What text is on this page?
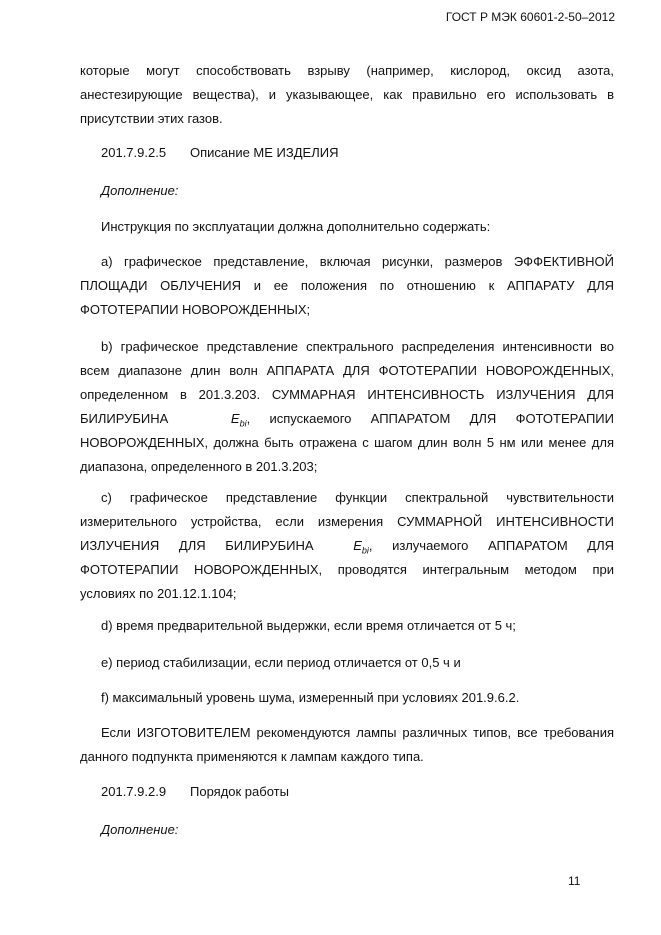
ГОСТ Р МЭК 60601-2-50–2012
которые могут способствовать взрыву (например, кислород, оксид азота,
анестезирующие вещества), и указывающее, как правильно его использовать в
присутствии этих газов.
201.7.9.2.5 Описание МЕ ИЗДЕЛИЯ
Дополнение:
Инструкция по эксплуатации должна дополнительно содержать:
а) графическое представление, включая рисунки, размеров ЭФФЕКТИВНОЙ
ПЛОЩАДИ ОБЛУЧЕНИЯ и ее положения по отношению к АППАРАТУ ДЛЯ
ФОТОТЕРАПИИ НОВОРОЖДЕННЫХ;
b) графическое представление спектрального распределения интенсивности во
всем диапазоне длин волн АППАРАТА ДЛЯ ФОТОТЕРАПИИ НОВОРОЖДЕННЫХ,
определенном в 201.3.203. СУММАРНАЯ ИНТЕНСИВНОСТЬ ИЗЛУЧЕНИЯ ДЛЯ
БИЛИРУБИНА	$E_{bi}$, испускаемого АППАРАТОМ ДЛЯ ФОТОТЕРАПИИ
НОВОРОЖДЕННЫХ, должна быть отражена с шагом длин волн 5 нм или менее для
диапазона, определенного в 201.3.203;
с) графическое представление функции спектральной чувствительности
измерительного устройства, если измерения СУММАРНОЙ ИНТЕНСИВНОСТИ
ИЗЛУЧЕНИЯ ДЛЯ БИЛИРУБИНА	$E_{bi}$, излучаемого АППАРАТОМ ДЛЯ
ФОТОТЕРАПИИ НОВОРОЖДЕННЫХ, проводятся интегральным методом при
условиях по 201.12.1.104;
d) время предварительной выдержки, если время отличается от 5 ч;
е) период стабилизации, если период отличается от 0,5 ч и
f) максимальный уровень шума, измеренный при условиях 201.9.6.2.
Если ИЗГОТОВИТЕЛЕМ рекомендуются лампы различных типов, все требования
данного подпункта применяются к лампам каждого типа.
201.7.9.2.9 Порядок работы
Дополнение:
11
